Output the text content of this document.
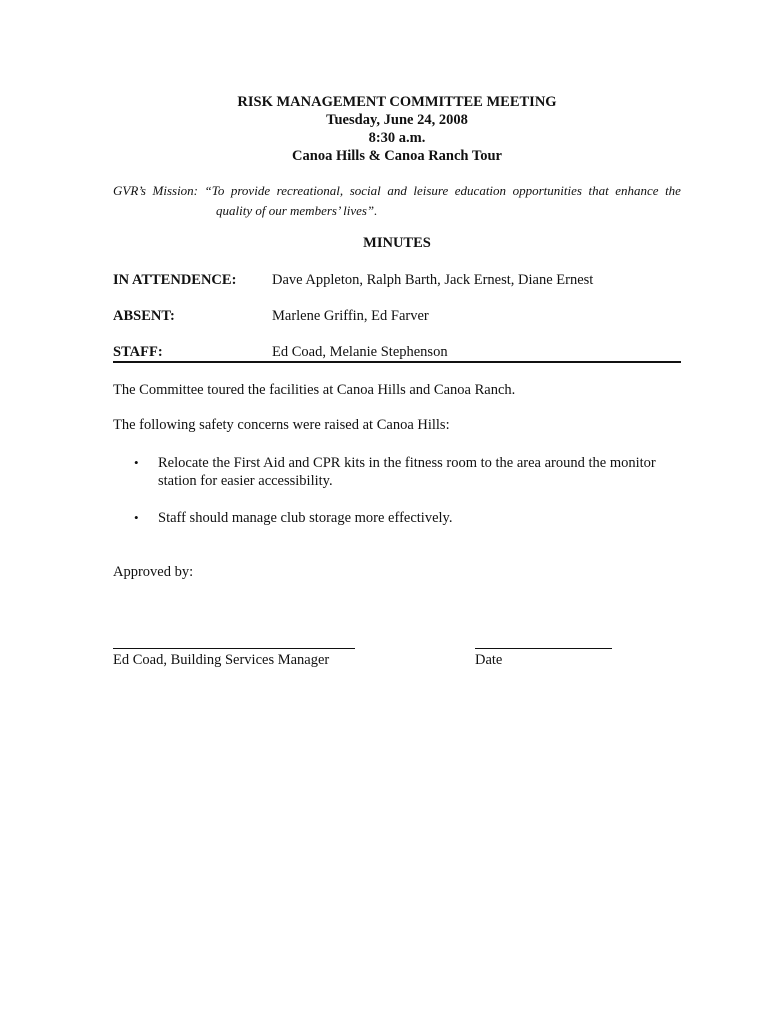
RISK MANAGEMENT COMMITTEE MEETING
Tuesday, June 24, 2008
8:30 a.m.
Canoa Hills & Canoa Ranch Tour
GVR’s Mission: “To provide recreational, social and leisure education opportunities that enhance the
quality of our members’ lives”.
MINUTES
IN ATTENDENCE: Dave Appleton, Ralph Barth, Jack Ernest, Diane Ernest
ABSENT:	Marlene Griffin, Ed Farver
STAFF:	Ed Coad, Melanie Stephenson
The Committee toured the facilities at Canoa Hills and Canoa Ranch.
The following safety concerns were raised at Canoa Hills:
• Relocate the First Aid and CPR kits in the fitness room to the area around the monitor station for easier accessibility.
• Staff should manage club storage more effectively.
Approved by:
Ed Coad, Building Services Manager	Date
